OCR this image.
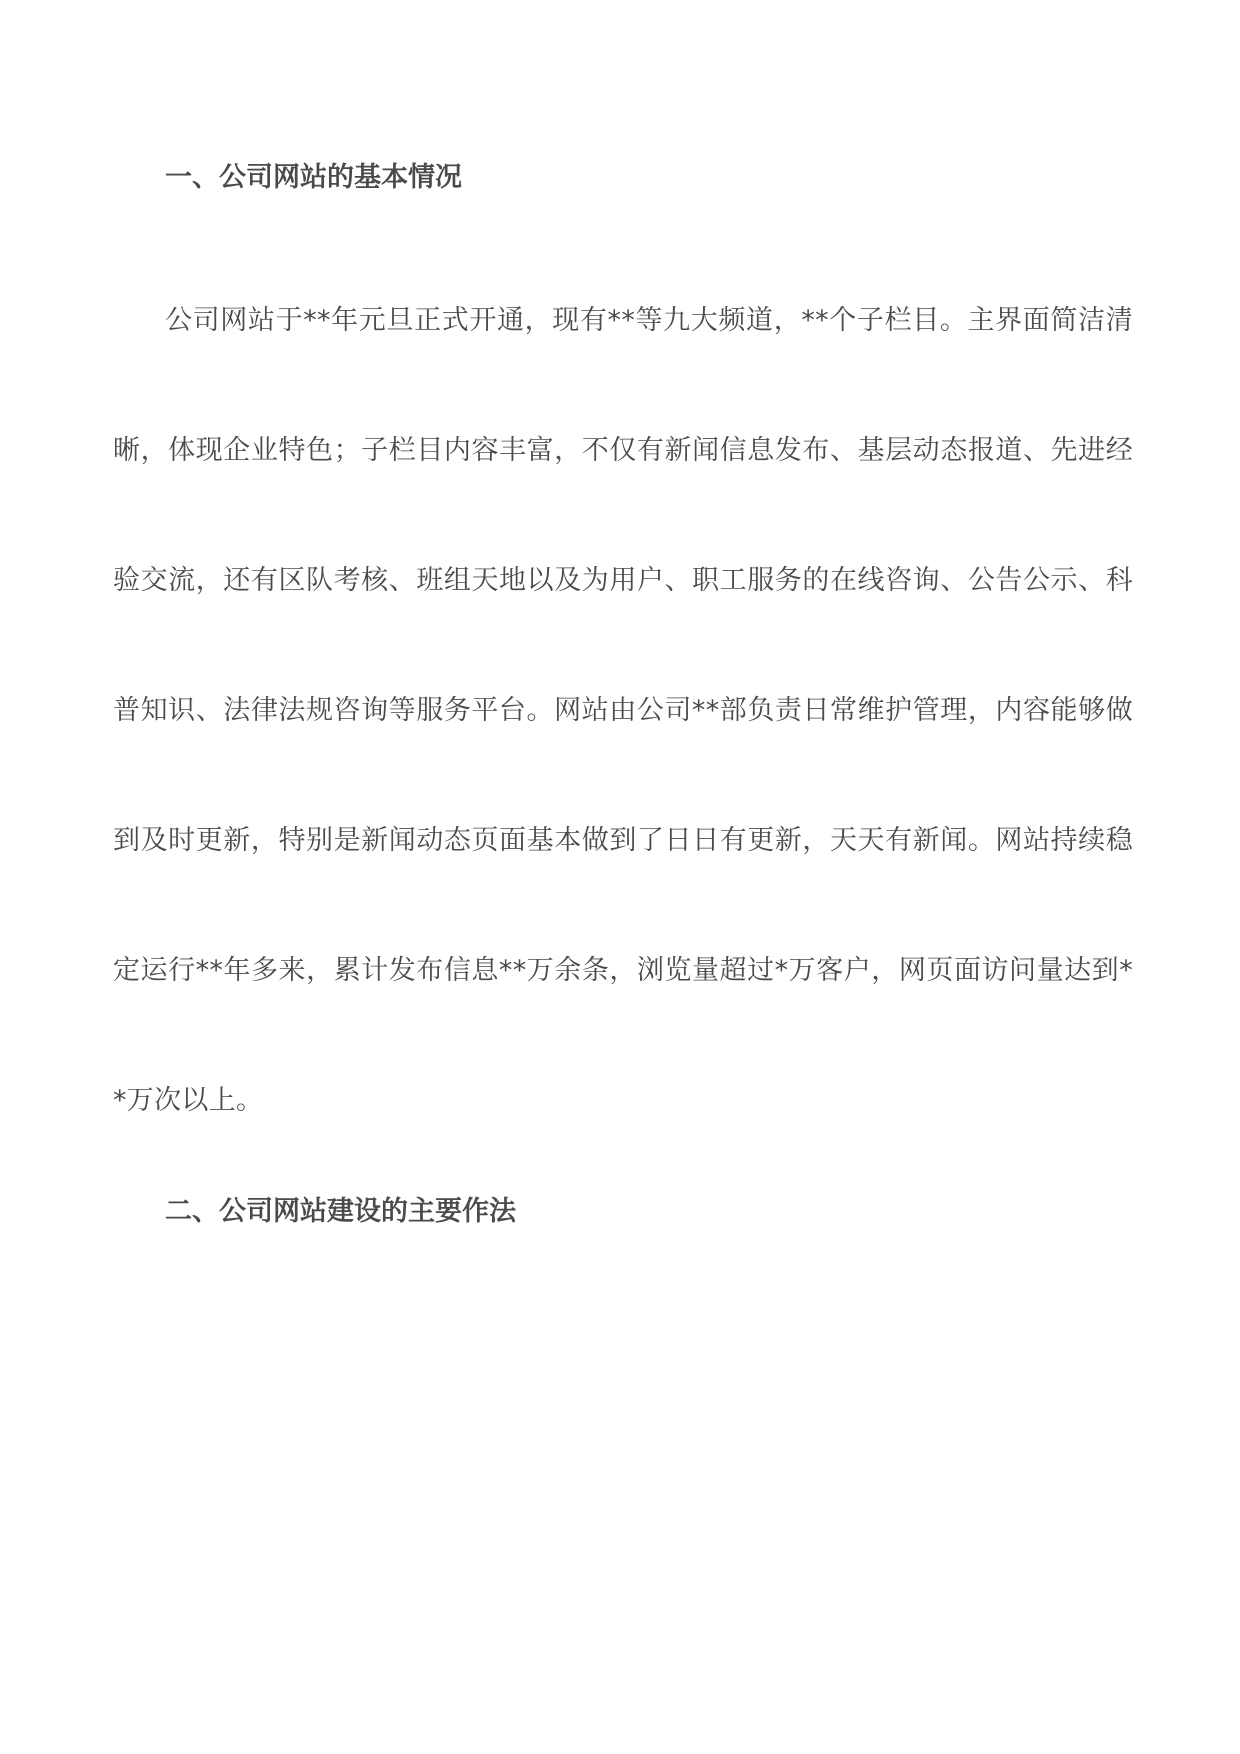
一、公司网站的基本情况

公司网站于**年元旦正式开通，现有**等九大频道，**个子栏目。主界面简洁清晰，体现企业特色；子栏目内容丰富，不仅有新闻信息发布、基层动态报道、先进经验交流，还有区队考核、班组天地以及为用户、职工服务的在线咨询、公告公示、科普知识、法律法规咨询等服务平台。网站由公司**部负责日常维护管理，内容能够做到及时更新，特别是新闻动态页面基本做到了日日有更新，天天有新闻。网站持续稳定运行**年多来，累计发布信息**万余条，浏览量超过*万客户，网页面访问量达到**万次以上。

二、公司网站建设的主要作法
